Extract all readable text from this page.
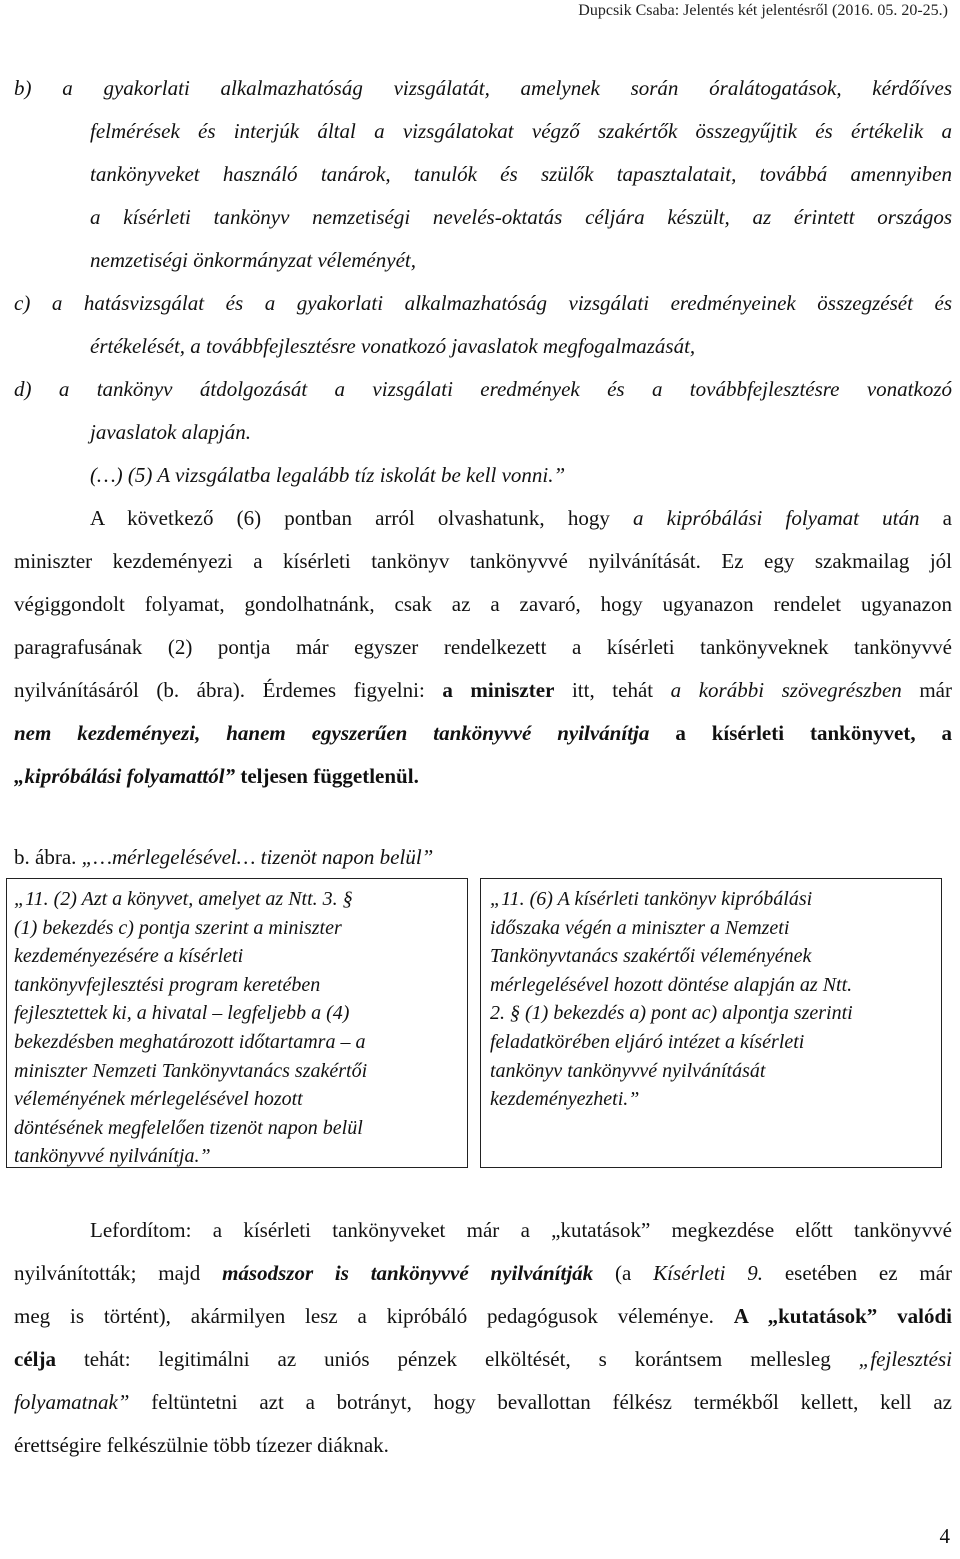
Dupcsik Csaba: Jelentés két jelentésről (2016. 05. 20-25.)
b) a gyakorlati alkalmazhatóság vizsgálatát, amelynek során óralátogatások, kérdőíves
felmérések és interjúk által a vizsgálatokat végző szakértők összegyűjtik és értékelik a
tankönyveket használó tanárok, tanulók és szülők tapasztalatait, továbbá amennyiben
a kísérleti tankönyv nemzetiségi nevelés-oktatás céljára készült, az érintett országos
nemzetiségi önkormányzat véleményét,
c) a hatásvizsgálat és a gyakorlati alkalmazhatóság vizsgálati eredményeinek összegzését és
értékelését, a továbbfejlesztésre vonatkozó javaslatok megfogalmazását,
d) a tankönyv átdolgozását a vizsgálati eredmények és a továbbfejlesztésre vonatkozó
javaslatok alapján.
(…) (5) A vizsgálatba legalább tíz iskolát be kell vonni.”
A következő (6) pontban arról olvashatunk, hogy a kipróbálási folyamat után a
miniszter kezdeményezi a kísérleti tankönyv tankönyvvé nyilvánítását. Ez egy szakmailag jól
végiggondolt folyamat, gondolhatnánk, csak az a zavaró, hogy ugyanazon rendelet ugyanazon
paragrafusának (2) pontja már egyszer rendelkezett a kísérleti tankönyveknek tankönyvvé
nyilvánításáról (b. ábra). Érdemes figyelni: a miniszter itt, tehát a korábbi szövegrészben már
nem kezdeményezi, hanem egyszerűen tankönyvvé nyilvánítja a kísérleti tankönyvet, a
„kipróbálási folyamattól” teljesen függetlenül.
b. ábra. „…mérlegelésével… tizenöt napon belül”
„11. (2) Azt a könyvet, amelyet az Ntt. 3. §
(1) bekezdés c) pontja szerint a miniszter
kezdeményezésére a kísérleti
tankönyvfejlesztési program keretében
fejlesztettek ki, a hivatal – legfeljebb a (4)
bekezdésben meghatározott időtartamra – a
miniszter Nemzeti Tankönyvtanács szakértői
véleményének mérlegelésével hozott
döntésének megfelelően tizenöt napon belül
tankönyvvé nyilvánítja.”
„11. (6) A kísérleti tankönyv kipróbálási
időszaka végén a miniszter a Nemzeti
Tankönyvtanács szakértői véleményének
mérlegelésével hozott döntése alapján az Ntt.
2. § (1) bekezdés a) pont ac) alpontja szerinti
feladatkörében eljáró intézet a kísérleti
tankönyv tankönyvvé nyilvánítását
kezdeményezheti.”
Lefordítom: a kísérleti tankönyveket már a „kutatások” megkezdése előtt tankönyvvé
nyilvánították; majd másodszor is tankönyvvé nyilvánítják (a Kísérleti 9. esetében ez már
meg is történt), akármilyen lesz a kipróbáló pedagógusok véleménye. A „kutatások” valódi
célja tehát: legitimálni az uniós pénzek elköltését, s korántsem mellesleg „fejlesztési
folyamatnak” feltüntetni azt a botrányt, hogy bevallottan félkész termékből kellett, kell az
érettségire felkészülnie több tízezer diáknak.
4
